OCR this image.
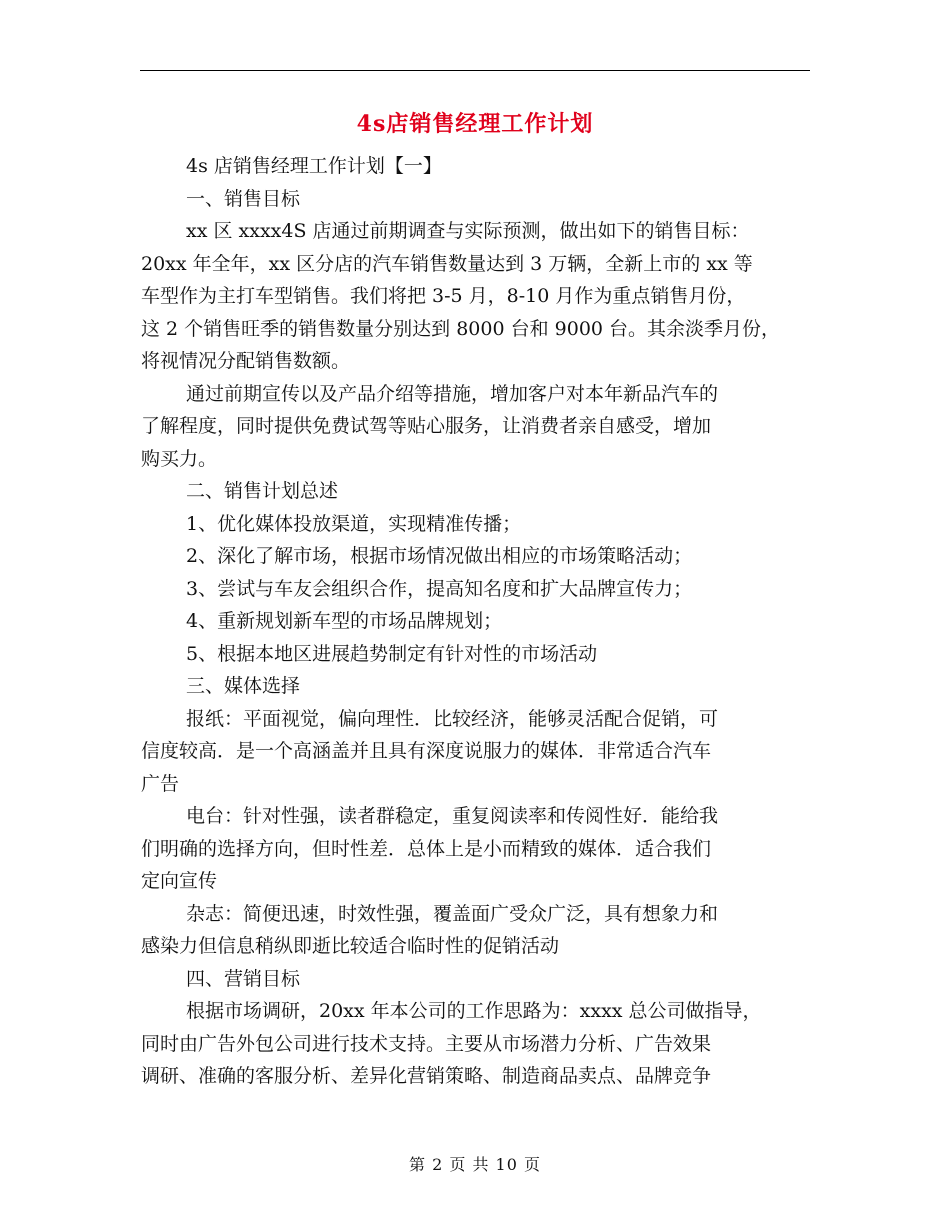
4s店销售经理工作计划
4s 店销售经理工作计划【一】
一、销售目标
xx 区 xxxx4S 店通过前期调查与实际预测，做出如下的销售目标：
20xx 年全年，xx 区分店的汽车销售数量达到 3 万辆，全新上市的 xx 等
车型作为主打车型销售。我们将把 3-5 月，8-10 月作为重点销售月份，
这 2 个销售旺季的销售数量分别达到 8000 台和 9000 台。其余淡季月份，
将视情况分配销售数额。
通过前期宣传以及产品介绍等措施，增加客户对本年新品汽车的
了解程度，同时提供免费试驾等贴心服务，让消费者亲自感受，增加
购买力。
二、销售计划总述
1、优化媒体投放渠道，实现精准传播；
2、深化了解市场，根据市场情况做出相应的市场策略活动；
3、尝试与车友会组织合作，提高知名度和扩大品牌宣传力；
4、重新规划新车型的市场品牌规划；
5、根据本地区进展趋势制定有针对性的市场活动
三、媒体选择
报纸：平面视觉，偏向理性．比较经济，能够灵活配合促销，可
信度较高．是一个高涵盖并且具有深度说服力的媒体．非常适合汽车
广告
电台：针对性强，读者群稳定，重复阅读率和传阅性好．能给我
们明确的选择方向，但时性差．总体上是小而精致的媒体．适合我们
定向宣传
杂志：简便迅速，时效性强，覆盖面广受众广泛，具有想象力和
感染力但信息稍纵即逝比较适合临时性的促销活动
四、营销目标
根据市场调研，20xx 年本公司的工作思路为：xxxx 总公司做指导，
同时由广告外包公司进行技术支持。主要从市场潜力分析、广告效果
调研、准确的客服分析、差异化营销策略、制造商品卖点、品牌竞争
第 2 页 共 10 页
